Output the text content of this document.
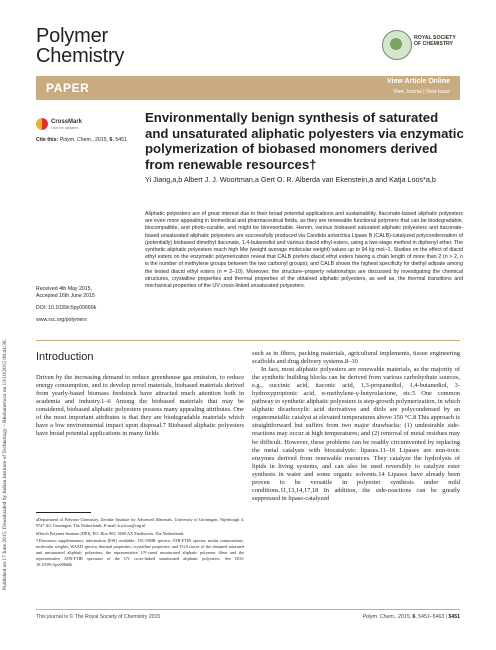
Published on 17 June 2015. Downloaded by Indian Institute of Technology – Bhubaneswar on 13/10/2015 08:44:36.
Polymer
Chemistry
ROYAL SOCIETY
OF CHEMISTRY
PAPER	View Article Online
View Journal | View Issue
CrossMark
click for updates
Cite this: Polym. Chem., 2015, 6, 5451
Environmentally benign synthesis of saturated and unsaturated aliphatic polyesters via enzymatic polymerization of biobased monomers derived from renewable resources†
Yi Jiang,a,b Albert J. J. Woortman,a Gert O. R. Alberda van Ekenstein,a and Katja Loos*a,b
Received 4th May 2015,
Accepted 16th June 2015
DOI: 10.1039/c5py00660k
www.rsc.org/polymers
Aliphatic polyesters are of great interest due to their broad potential applications and sustainability. Itaconate-based aliphatic polyesters are even more appealing in biomedical and pharmaceutical fields, as they are renewable functional polymers that can be biodegradable, biocompatible, and photo-curable, and might be bioresorbable. Herein, various biobased saturated aliphatic polyesters and itaconate-based unsaturated aliphatic polyesters are successfully produced via Candida antarctica Lipase B (CALB)-catalyzed polycondensation of (potentially) biobased dimethyl itaconate, 1,4-butanediol and various diacid ethyl esters, using a two-stage method in diphenyl ether. The synthetic aliphatic polyesters reach high Mw (weight average molecular weight) values up to 94 kg mol−1. Studies on the effect of diacid ethyl esters on the enzymatic polymerization reveal that CALB prefers diacid ethyl esters having a chain length of more than 2 (n > 2, n is the number of methylene groups between the two carbonyl groups); and CALB shows the highest specificity for diethyl adipate among the tested diacid ethyl esters (n = 2–10). Moreover, the structure–property relationships are discussed by investigating the chemical structures, crystalline properties and thermal properties of the obtained aliphatic polyesters, as well as, the thermal transitions and mechanical properties of the UV cross-linked unsaturated polyesters.
Introduction

Driven by the increasing demand to reduce greenhouse gas emission, to reduce energy consumption, and to develop novel materials, biobased materials derived from yearly-based biomass feedstock have attracted much attention both in academia and industry.1–6 Among the biobased materials that may be considered, biobased aliphatic polyesters possess many appealing attributes. One of the most important attributes is that they are biodegradable materials which have a low environmental impact upon disposal.7 Biobased aliphatic polyesters have broad potential applications in many fields

such as in fibers, packing materials, agricultural implements, tissue engineering scaffolds and drug delivery systems.8–10

In fact, most aliphatic polyesters are renewable materials, as the majority of the synthetic building blocks can be derived from various carbohydrate sources, e.g., succinic acid, itaconic acid, 1,3-propanediol, 1,4-butanediol, 3-hydroxypropionic acid, α-methylene-γ-butyrolactone, etc.5 One common pathway to synthetic aliphatic polyesters is step-growth polymerization, in which aliphatic dicarboxylic acid derivatives and diols are polycondensed by an organometallic catalyst at elevated temperatures above 150 °C.8 This approach is straightforward but suffers from two major drawbacks: (1) undesirable side-reactions may occur at high temperatures; and (2) removal of metal residues may be difficult. However, these problems can be readily circumvented by replacing the metal catalysts with biocatalysts: lipases.11–16 Lipases are non-toxic enzymes derived from renewable resources. They catalyze the hydrolysis of lipids in living systems, and can also be used reversibly to catalyze ester synthesis in water and some organic solvents.14 Lipases have already been proven to be versatile in polyester synthesis under mild conditions.11,13,14,17,18 In addition, the side-reactions can be greatly suppressed in lipase-catalyzed

aDepartment of Polymer Chemistry, Zernike Institute for Advanced Materials, University of Groningen, Nijenborgh 4, 9747 AG Groningen, The Netherlands. E-mail: k.u.loos@rug.nl

bDutch Polymer Institute (DPI), P.O. Box 902, 5600 AX Eindhoven, The Netherlands

†Electronic supplementary information (ESI) available: 13C-NMR spectra, ATR-FTIR spectra; molar compositions, molecular weights, WAXD spectra, thermal properties, crystalline properties, and TGA traces of the obtained saturated and unsaturated aliphatic polyesters, the representative UV-cured unsaturated aliphatic polyester films and the representative ATR-FTIR spectrum of the UV cross-linked unsaturated aliphatic polyesters. See DOI: 10.1039/c5py00660k

This journal is © The Royal Society of Chemistry 2015	Polym. Chem., 2015, 6, 5451–5463 | 5451
